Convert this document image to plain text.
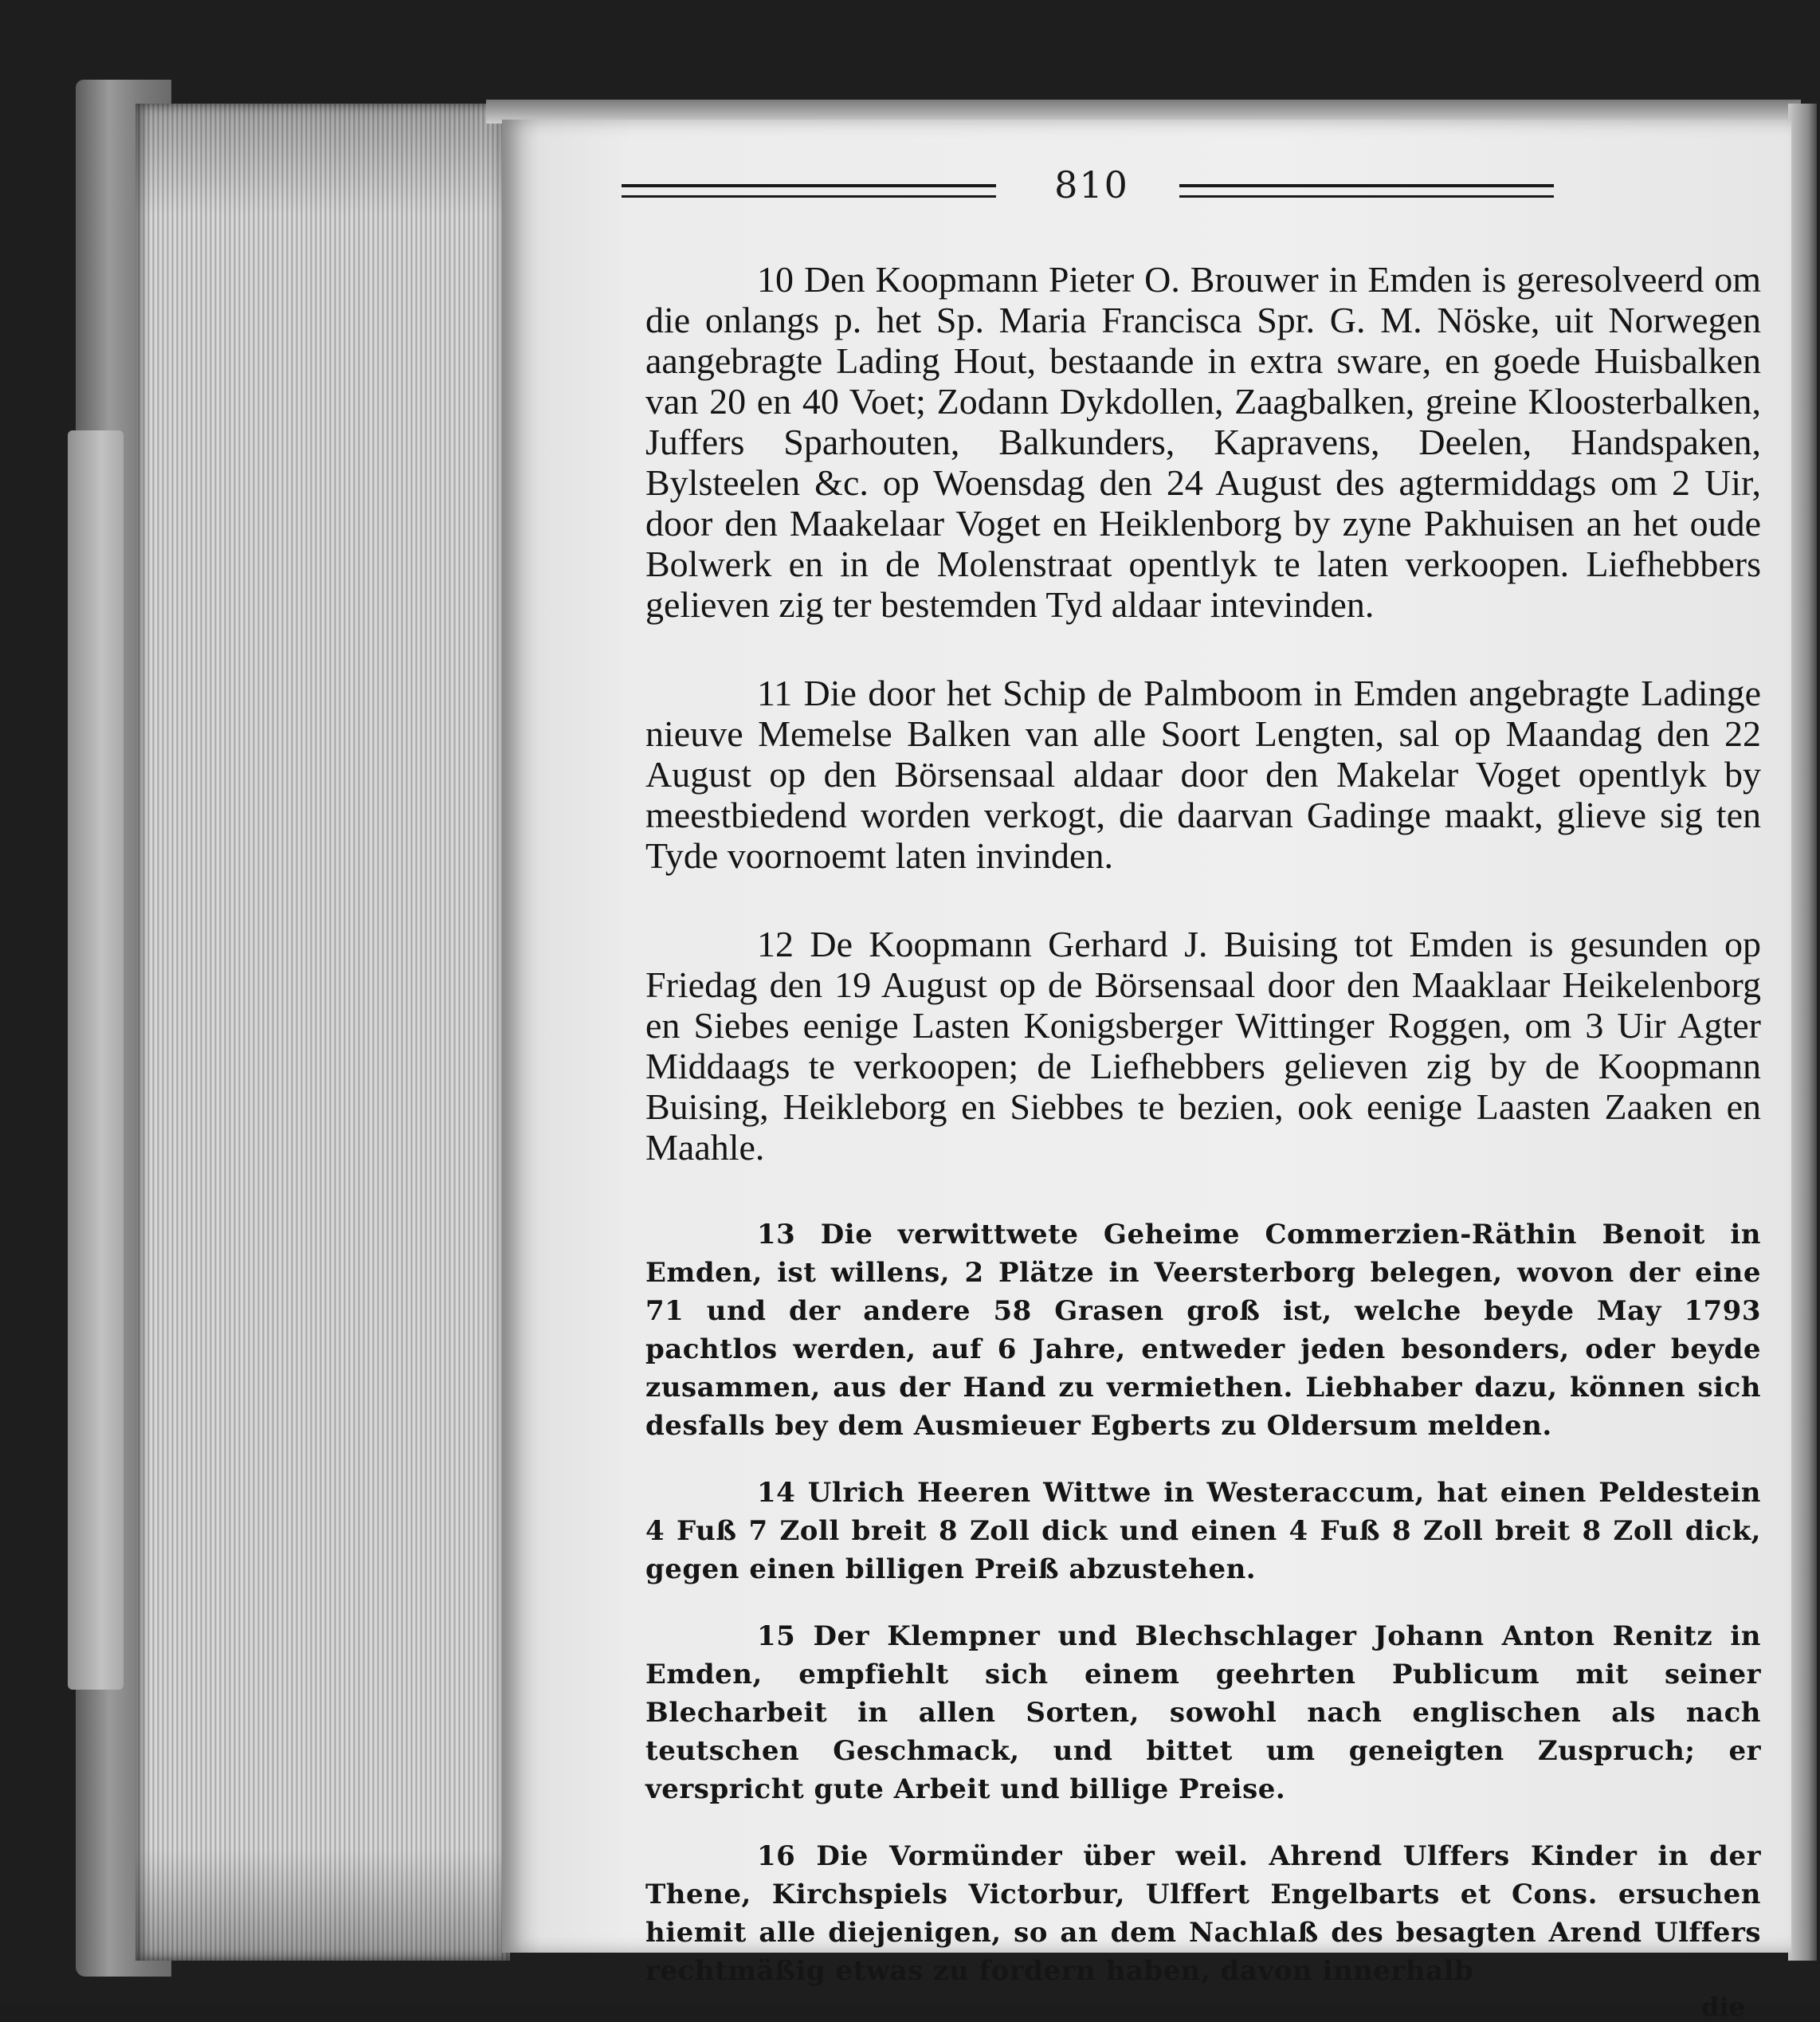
810

10 Den Koopmann Pieter O. Brouwer in Emden is geresolveerd om die onlangs p. het Sp. Maria Francisca Spr. G. M. Nöske, uit Norwegen aangebragte Lading Hout, bestaande in extra sware, en goede Huisbalken van 20 en 40 Voet; Zodann Dykdollen, Zaagbalken, greine Kloosterbalken, Juffers Sparhouten, Balkunders, Kapravens, Deelen, Handspaken, Bylsteelen &c. op Woensdag den 24 August des agtermiddags om 2 Uir, door den Maakelaar Voget en Heiklenborg by zyne Pakhuisen an het oude Bolwerk en in de Molenstraat opentlyk te laten verkoopen. Liefhebbers gelieven zig ter bestemden Tyd aldaar intevinden.

11 Die door het Schip de Palmboom in Emden angebragte Ladinge nieuve Memelse Balken van alle Soort Lengten, sal op Maandag den 22 August op den Börsensaal aldaar door den Makelar Voget opentlyk by meestbiedend worden verkogt, die daarvan Gadinge maakt, glieve sig ten Tyde voornoemt laten invinden.

12 De Koopmann Gerhard J. Buising tot Emden is gesunden op Friedag den 19 August op de Börsensaal door den Maaklaar Heikelenborg en Siebes eenige Lasten Konigsberger Wittinger Roggen, om 3 Uir Agter Middaags te verkoopen; de Liefhebbers gelieven zig by de Koopmann Buising, Heikleborg en Siebbes te bezien, ook eenige Laasten Zaaken en Maahle.

13 Die verwittwete Geheime Commerzien-Räthin Benoit in Emden, ist willens, 2 Plätze in Veersterborg belegen, wovon der eine 71 und der andere 58 Grasen groß ist, welche beyde May 1793 pachtlos werden, auf 6 Jahre, entweder jeden besonders, oder beyde zusammen, aus der Hand zu vermiethen. Liebhaber dazu, können sich desfalls bey dem Ausmieuer Egberts zu Oldersum melden.

14 Ulrich Heeren Wittwe in Westeraccum, hat einen Peldestein 4 Fuß 7 Zoll breit 8 Zoll dick und einen 4 Fuß 8 Zoll breit 8 Zoll dick, gegen einen billigen Preiß abzustehen.

15 Der Klempner und Blechschlager Johann Anton Renitz in Emden, empfiehlt sich einem geehrten Publicum mit seiner Blecharbeit in allen Sorten, sowohl nach englischen als nach teutschen Geschmack, und bittet um geneigten Zuspruch; er verspricht gute Arbeit und billige Preise.

16 Die Vormünder über weil. Ahrend Ulffers Kinder in der Thene, Kirchspiels Victorbur, Ulffert Engelbarts et Cons. ersuchen hiemit alle diejenigen, so an dem Nachlaß des besagten Arend Ulffers rechtmäßig etwas zu fordern haben, davon innerhalb

die
